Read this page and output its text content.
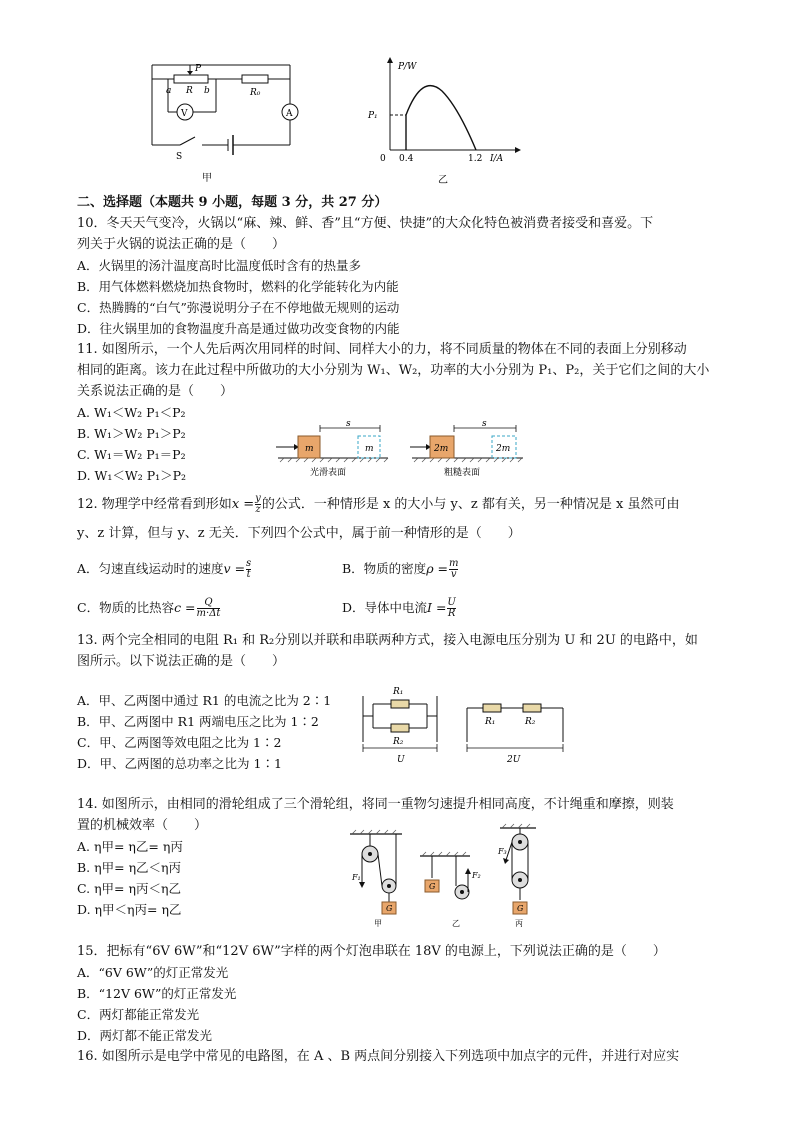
P
a R b	R₀
V	A
S
甲
P/W
P₁
0 0.4	1.2 I/A
乙
二、选择题（本题共 9 小题，每题 3 分，共 27 分）
10．冬天天气变冷，火锅以“麻、辣、鲜、香”且“方便、快捷”的大众化特色被消费者接受和喜爱。下
列关于火锅的说法正确的是（　　）
A．火锅里的汤汁温度高时比温度低时含有的热量多
B．用气体燃料燃烧加热食物时，燃料的化学能转化为内能
C．热腾腾的“白气”弥漫说明分子在不停地做无规则的运动
D．往火锅里加的食物温度升高是通过做功改变食物的内能
11. 如图所示，一个人先后两次用同样的时间、同样大小的力，将不同质量的物体在不同的表面上分别移动
相同的距离。该力在此过程中所做功的大小分别为 W₁、W₂，功率的大小分别为 P₁、P₂，关于它们之间的大小
关系说法正确的是（　　）
A. W₁＜W₂ P₁＜P₂
B. W₁＞W₂ P₁＞P₂
C. W₁＝W₂ P₁＝P₂
D. W₁＜W₂ P₁＞P₂
m	m
s
光滑表面
2m	2m
s
粗糙表面
12. 物理学中经常看到形如$x = \frac{y}{z}$ 的公式．一种情形是 x 的大小与 y、z 都有关，另一种情况是 x 虽然可由
y、z 计算，但与 y、z 无关．下列四个公式中，属于前一种情形的是（　　）
A．匀速直线运动时的速度$v = \frac{s}{t}$	B．物质的密度$\rho = \frac{m}{v}$
C．物质的比热容$c = \frac{Q}{m\cdot\Delta t}$	D．导体中电流$I = \frac{U}{R}$
13. 两个完全相同的电阻 R₁ 和 R₂分别以并联和串联两种方式，接入电源电压分别为 U 和 2U 的电路中，如
图所示。以下说法正确的是（　　）
A．甲、乙两图中通过 R1 的电流之比为 2∶1
B．甲、乙两图中 R1 两端电压之比为 1∶2
C．甲、乙两图等效电阻之比为 1∶2
D．甲、乙两图的总功率之比为 1∶1
R₁
R₂
U
R₁	R₂
2U
14. 如图所示，由相同的滑轮组成了三个滑轮组，将同一重物匀速提升相同高度，不计绳重和摩擦，则装
置的机械效率（　　）
A. η甲= η乙= η丙
B. η甲= η乙＜η丙
C. η甲= η丙＜η乙
D. η甲＜η丙= η乙
F₁
G
甲
G
F₂
乙
F₃
G
丙
15．把标有“6V 6W”和“12V 6W”字样的两个灯泡串联在 18V 的电源上，下列说法正确的是（　　）
A．“6V 6W”的灯正常发光
B．“12V 6W”的灯正常发光
C．两灯都能正常发光
D．两灯都不能正常发光
16. 如图所示是电学中常见的电路图，在 A 、B 两点间分别接入下列选项中加点字的元件，并进行对应实
